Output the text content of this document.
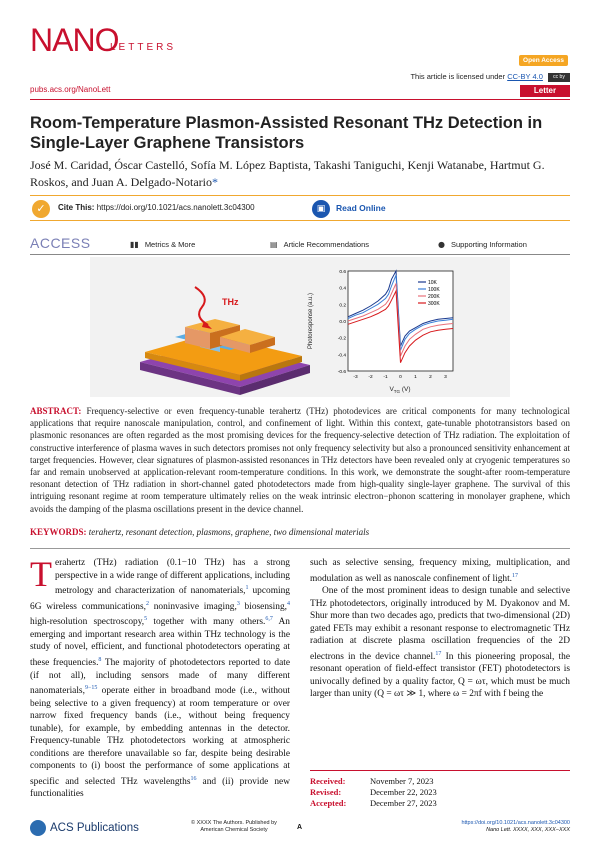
NANO
LETTERS
Open Access
This article is licensed under CC-BY 4.0 cc by
pubs.acs.org/NanoLett	Letter
Room-Temperature Plasmon-Assisted Resonant THz Detection in Single-Layer Graphene Transistors
José M. Caridad, Óscar Castelló, Sofía M. López Baptista, Takashi Taniguchi, Kenji Watanabe, Hartmut G. Roskos, and Juan A. Delgado-Notario*
✓	Cite This: https://doi.org/10.1021/acs.nanolett.3c04300	▣	Read Online
ACCESS	▮▮ Metrics & More	▤ Article Recommendations	● Supporting Information
THz	Photoresponse (a.u.)
$V_{TG}$ (V)
0.6
0.4
0.2
0.0
-0.2
-0.4
-0.6
-3 -2 -1 0	1	2	3
10K
100K
200K
300K

ABSTRACT: Frequency-selective or even frequency-tunable terahertz (THz) photodevices are critical components for many technological applications that require nanoscale manipulation, control, and confinement of light. Within this context, gate-tunable phototransistors based on plasmonic resonances are often regarded as the most promising devices for the frequency-selective detection of THz radiation. The exploitation of constructive interference of plasma waves in such detectors promises not only frequency selectivity but also a pronounced sensitivity enhancement at target frequencies. However, clear signatures of plasmon-assisted resonances in THz detectors have been revealed only at cryogenic temperatures so far and remain unobserved at application-relevant room-temperature conditions. In this work, we demonstrate the sought-after room-temperature resonant detection of THz radiation in short-channel gated photodetectors made from high-quality single-layer graphene. The survival of this intriguing resonant regime at room temperature ultimately relies on the weak intrinsic electron−phonon scattering in monolayer graphene, which avoids the damping of the plasma oscillations present in the device channel.

KEYWORDS: terahertz, resonant detection, plasmons, graphene, two dimensional materials

Terahertz (THz) radiation (0.1−10 THz) has a strong perspective in a wide range of different applications, including metrology and characterization of nanomaterials,$^1$ upcoming 6G wireless communications,$^2$ noninvasive imaging,$^3$ biosensing,$^4$ high-resolution spectroscopy,$^5$ together with many others.$^{6,7}$ An emerging and important research area within THz technology is the study of novel, efficient, and functional photodetectors operating at these frequencies.$^8$ The majority of photodetectors reported to date (if not all), including sensors made of many different nanomaterials,$^{9-15}$ operate either in broadband mode (i.e., without being selective to a given frequency) at room temperature or over narrow fixed frequency bands (i.e., without being frequency tunable), for example, by embedding antennas in the detector. Frequency-tunable THz photodetectors working at atmospheric conditions are therefore unavailable so far, despite being desirable components to (i) boost the performance of some applications at specific and selected THz wavelengths$^{16}$ and (ii) provide new functionalities

such as selective sensing, frequency mixing, multiplication, and modulation as well as nanoscale confinement of light.$^{17}$

One of the most prominent ideas to design tunable and selective THz photodetectors, originally introduced by M. Dyakonov and M. Shur more than two decades ago, predicts that two-dimensional (2D) gated FETs may exhibit a resonant response to electromagnetic THz radiation at discrete plasma oscillation frequencies of the 2D electrons in the device channel.$^{17}$ In this pioneering proposal, the resonant operation of field-effect transistor (FET) photodetectors is univocally defined by a quality factor, Q = ωτ, which must be much larger than unity (Q = ωτ ≫ 1, where ω = 2πf with f being the

Received:	November 7, 2023
Revised:	December 22, 2023
Accepted:	December 27, 2023
ACS Publications	© XXXX The Authors. Published by
American Chemical Society	A
https://doi.org/10.1021/acs.nanolett.3c04300
Nano Lett. XXXX, XXX, XXX−XXX
